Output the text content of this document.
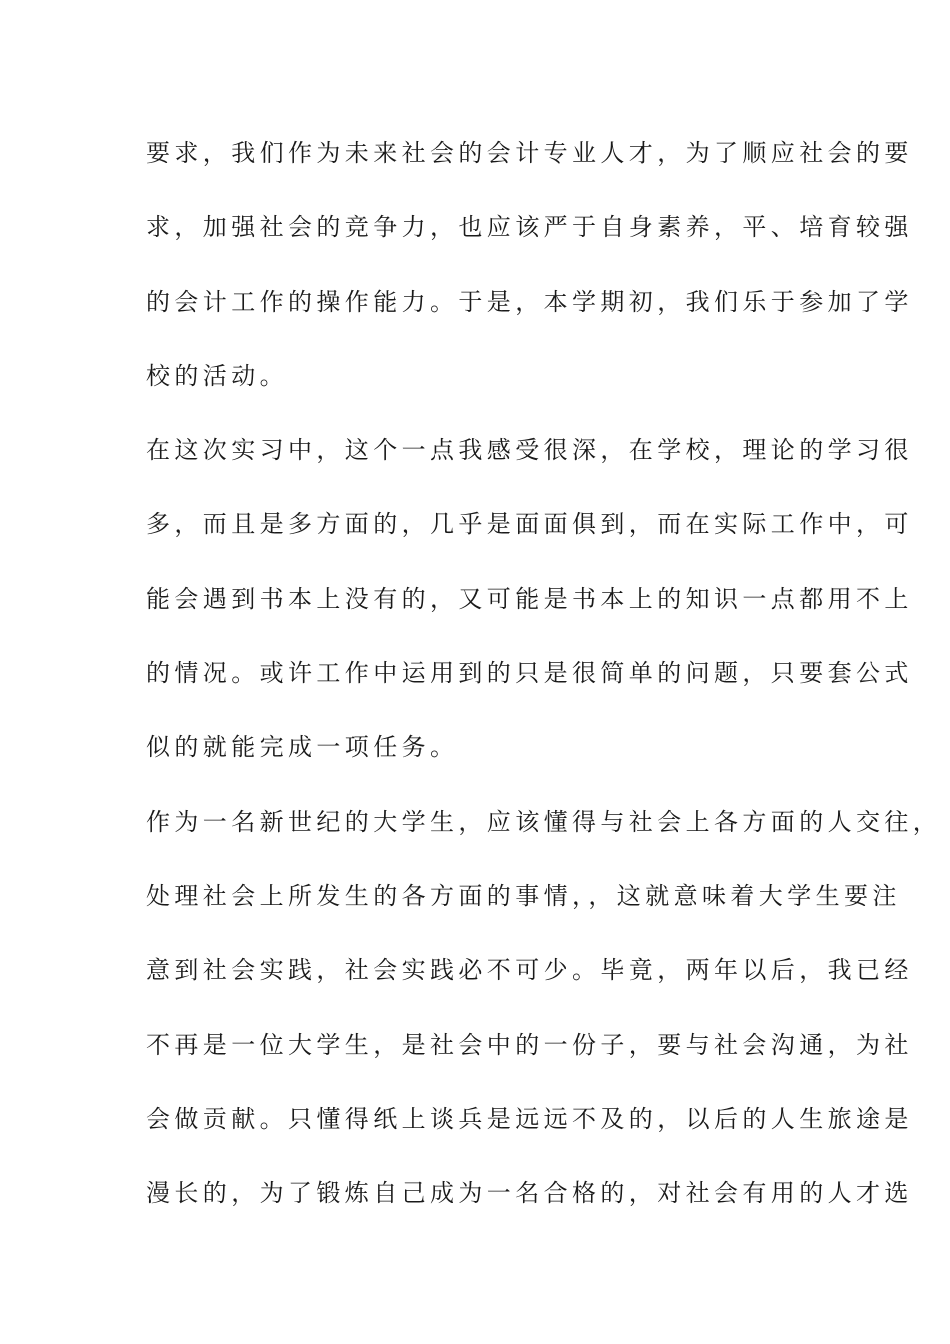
要求，我们作为未来社会的会计专业人才，为了顺应社会的要
求，加强社会的竞争力，也应该严于自身素养，平、培育较强
的会计工作的操作能力。于是，本学期初，我们乐于参加了学
校的活动。
在这次实习中，这个一点我感受很深，在学校，理论的学习很
多，而且是多方面的，几乎是面面俱到，而在实际工作中，可
能会遇到书本上没有的，又可能是书本上的知识一点都用不上
的情况。或许工作中运用到的只是很简单的问题，只要套公式
似的就能完成一项任务。
作为一名新世纪的大学生，应该懂得与社会上各方面的人交往，
处理社会上所发生的各方面的事情，，这就意味着大学生要注
意到社会实践，社会实践必不可少。毕竟，两年以后，我已经
不再是一位大学生，是社会中的一份子，要与社会沟通，为社
会做贡献。只懂得纸上谈兵是远远不及的，以后的人生旅途是
漫长的，为了锻炼自己成为一名合格的，对社会有用的人才选
